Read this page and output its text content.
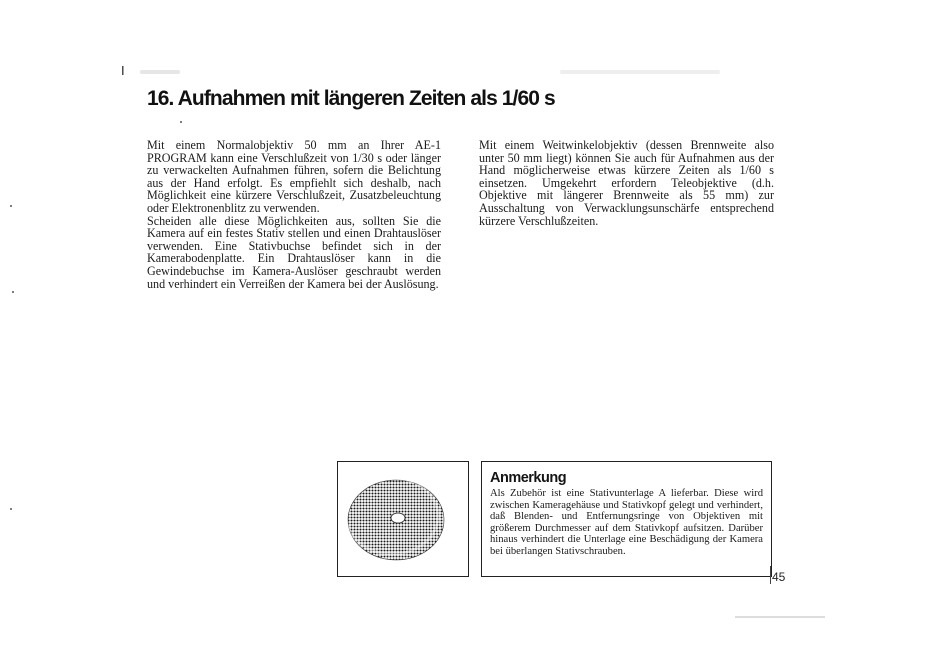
I
16. Aufnahmen mit längeren Zeiten als 1/60 s

Mit einem Normalobjektiv 50 mm an Ihrer AE-1 PROGRAM kann eine Verschlußzeit von 1/30 s oder länger zu verwackelten Aufnahmen führen, sofern die Belichtung aus der Hand erfolgt. Es empfiehlt sich deshalb, nach Möglichkeit eine kürzere Verschlußzeit, Zusatzbeleuchtung oder Elektronenblitz zu verwenden.

Scheiden alle diese Möglichkeiten aus, sollten Sie die Kamera auf ein festes Stativ stellen und einen Drahtauslöser verwenden. Eine Stativbuchse befindet sich in der Kamerabodenplatte. Ein Drahtauslöser kann in die Gewindebuchse im Kamera-Auslöser geschraubt werden und verhindert ein Verreißen der Kamera bei der Auslösung.

Mit einem Weitwinkelobjektiv (dessen Brennweite also unter 50 mm liegt) können Sie auch für Aufnahmen aus der Hand möglicherweise etwas kürzere Zeiten als 1/60 s einsetzen. Umgekehrt erfordern Teleobjektive (d.h. Objektive mit längerer Brennweite als 55 mm) zur Ausschaltung von Verwacklungsunschärfe entsprechend kürzere Verschlußzeiten.

Anmerkung

Als Zubehör ist eine Stativunterlage A lieferbar. Diese wird zwischen Kameragehäuse und Stativkopf gelegt und verhindert, daß Blenden- und Entfernungsringe von Objektiven mit größerem Durchmesser auf dem Stativkopf aufsitzen. Darüber hinaus verhindert die Unterlage eine Beschädigung der Kamera bei überlangen Stativschrauben.

45
